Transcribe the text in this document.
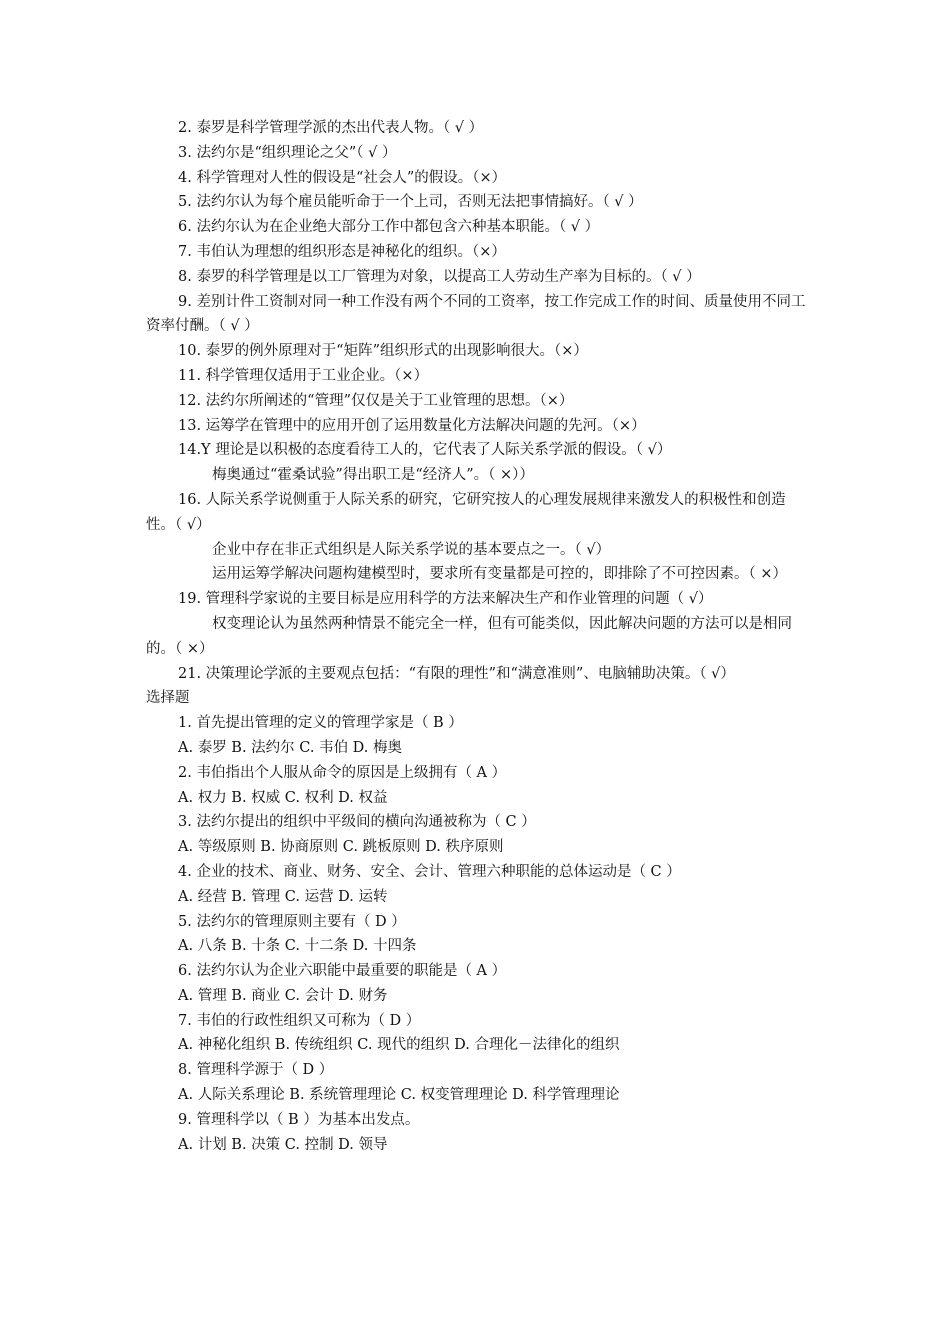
2. 泰罗是科学管理学派的杰出代表人物。（ √ ）
3. 法约尔是“组织理论之父”（ √ ）
4. 科学管理对人性的假设是“社会人”的假设。（×）
5. 法约尔认为每个雇员能听命于一个上司，否则无法把事情搞好。（ √ ）
6. 法约尔认为在企业绝大部分工作中都包含六种基本职能。（ √ ）
7. 韦伯认为理想的组织形态是神秘化的组织。（×）
8. 泰罗的科学管理是以工厂管理为对象，以提高工人劳动生产率为目标的。（ √ ）
9. 差别计件工资制对同一种工作没有两个不同的工资率，按工作完成工作的时间、质量使用不同工资率付酬。（ √ ）
10. 泰罗的例外原理对于“矩阵”组织形式的出现影响很大。（×）
11. 科学管理仅适用于工业企业。（×）
12. 法约尔所阐述的“管理”仅仅是关于工业管理的思想。（×）
13. 运筹学在管理中的应用开创了运用数量化方法解决问题的先河。（×）
14.Y 理论是以积极的态度看待工人的，它代表了人际关系学派的假设。（ √）
梅奥通过“霍桑试验”得出职工是“经济人”。（ ×））
16. 人际关系学说侧重于人际关系的研究，它研究按人的心理发展规律来激发人的积极性和创造性。（ √）
企业中存在非正式组织是人际关系学说的基本要点之一。（ √）
运用运筹学解决问题构建模型时，要求所有变量都是可控的，即排除了不可控因素。（ ×）
19. 管理科学家说的主要目标是应用科学的方法来解决生产和作业管理的问题（ √）
权变理论认为虽然两种情景不能完全一样，但有可能类似，因此解决问题的方法可以是相同的。（ ×）
21. 决策理论学派的主要观点包括：“有限的理性”和“满意准则”、电脑辅助决策。（ √）
选择题
1. 首先提出管理的定义的管理学家是（ B ）
A. 泰罗 B. 法约尔 C. 韦伯 D. 梅奥
2. 韦伯指出个人服从命令的原因是上级拥有（ A ）
A. 权力 B. 权威 C. 权利 D. 权益
3. 法约尔提出的组织中平级间的横向沟通被称为（ C ）
A. 等级原则 B. 协商原则 C. 跳板原则 D. 秩序原则
4. 企业的技术、商业、财务、安全、会计、管理六种职能的总体运动是（ C ）
A. 经营 B. 管理 C. 运营 D. 运转
5. 法约尔的管理原则主要有（ D ）
A. 八条 B. 十条 C. 十二条 D. 十四条
6. 法约尔认为企业六职能中最重要的职能是（ A ）
A. 管理 B. 商业 C. 会计 D. 财务
7. 韦伯的行政性组织又可称为（ D ）
A. 神秘化组织 B. 传统组织 C. 现代的组织 D. 合理化－法律化的组织
8. 管理科学源于（ D ）
A. 人际关系理论 B. 系统管理理论 C. 权变管理理论 D. 科学管理理论
9. 管理科学以（ B ）为基本出发点。
A. 计划 B. 决策 C. 控制 D. 领导
